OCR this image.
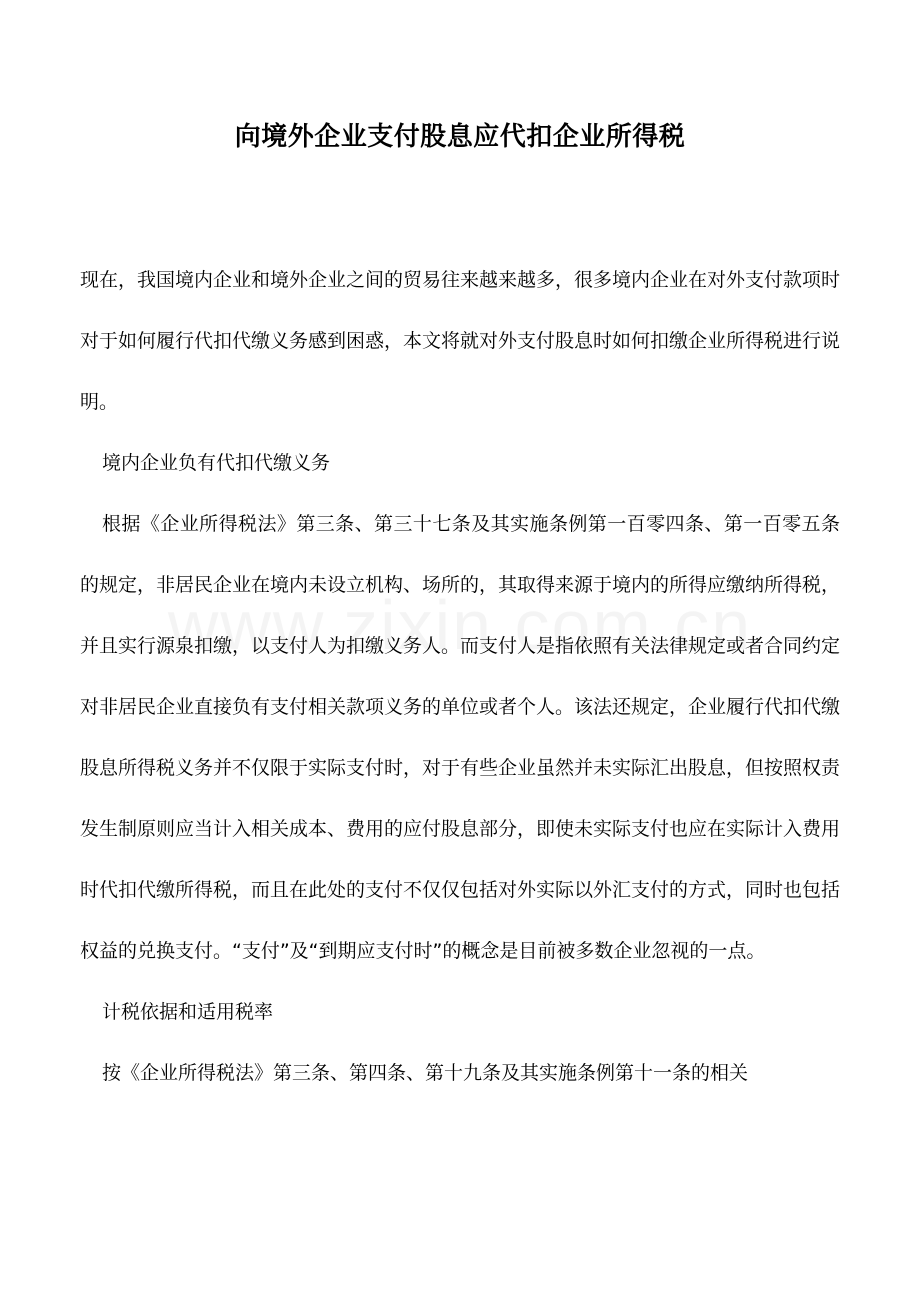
向境外企业支付股息应代扣企业所得税

现在，我国境内企业和境外企业之间的贸易往来越来越多，很多境内企业在对外支付款项时对于如何履行代扣代缴义务感到困惑，本文将就对外支付股息时如何扣缴企业所得税进行说明。

境内企业负有代扣代缴义务

根据《企业所得税法》第三条、第三十七条及其实施条例第一百零四条、第一百零五条的规定，非居民企业在境内未设立机构、场所的，其取得来源于境内的所得应缴纳所得税，并且实行源泉扣缴，以支付人为扣缴义务人。而支付人是指依照有关法律规定或者合同约定对非居民企业直接负有支付相关款项义务的单位或者个人。该法还规定，企业履行代扣代缴股息所得税义务并不仅限于实际支付时，对于有些企业虽然并未实际汇出股息，但按照权责发生制原则应当计入相关成本、费用的应付股息部分，即使未实际支付也应在实际计入费用时代扣代缴所得税，而且在此处的支付不仅仅包括对外实际以外汇支付的方式，同时也包括权益的兑换支付。“支付”及“到期应支付时”的概念是目前被多数企业忽视的一点。

计税依据和适用税率

按《企业所得税法》第三条、第四条、第十九条及其实施条例第十一条的相关
